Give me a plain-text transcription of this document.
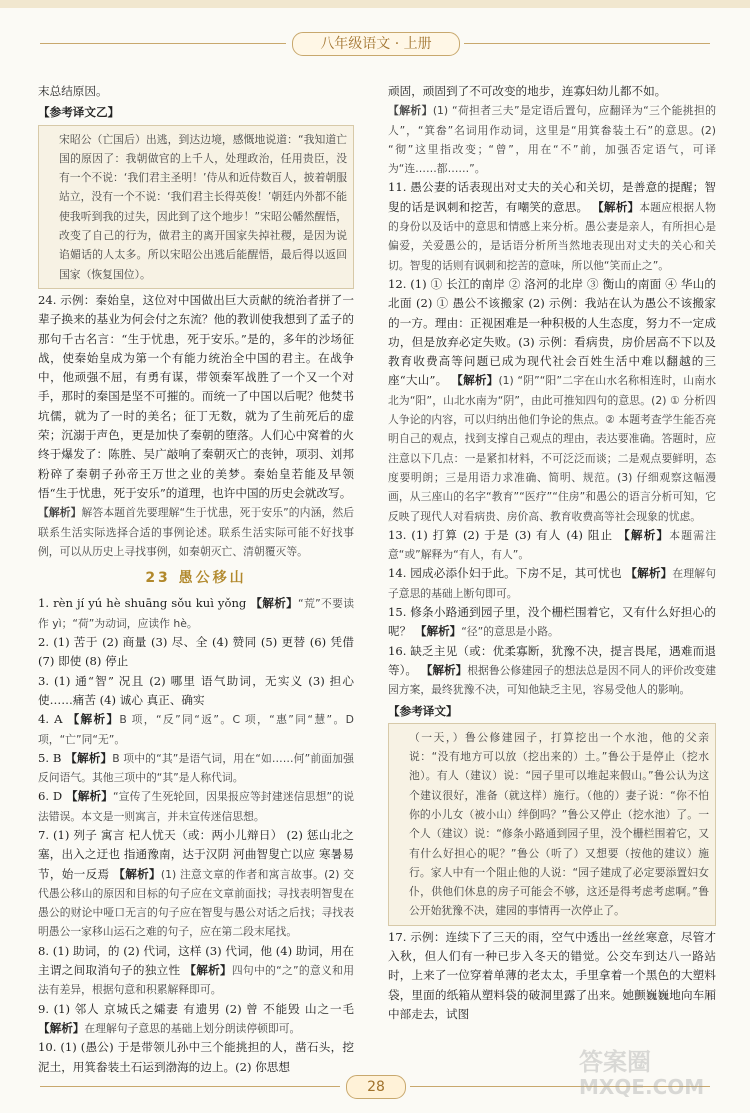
八年级语文 · 上册

末总结原因。

【参考译文乙】

宋昭公（亡国后）出逃，到达边境，感慨地说道：“我知道亡国的原因了：我朝做官的上千人，处理政治，任用贵臣，没有一个不说：‘我们君主圣明！’侍从和近侍数百人，披着朝服站立，没有一个不说：‘我们君主长得英俊！’朝廷内外都不能使我听到我的过失，因此到了这个地步！”宋昭公幡然醒悟，改变了自己的行为，做君主的离开国家失掉社稷，是因为说谄媚话的人太多。所以宋昭公出逃后能醒悟，最后得以返回国家（恢复国位）。

24. 示例：秦始皇，这位对中国做出巨大贡献的统治者拼了一辈子换来的基业为何会付之东流？他的教训使我想到了孟子的那句千古名言：“生于忧患，死于安乐。”是的，多年的沙场征战，使秦始皇成为第一个有能力统治全中国的君主。在战争中，他顽强不屈，有勇有谋，带领秦军战胜了一个又一个对手，那时的秦国是坚不可摧的。而统一了中国以后呢？他焚书坑儒，就为了一时的美名；征丁无数，就为了生前死后的虚荣；沉溺于声色，更是加快了秦朝的堕落。人们心中窝着的火终于爆发了：陈胜、吴广敲响了秦朝灭亡的丧钟，项羽、刘邦粉碎了秦朝子孙帝王万世之业的美梦。秦始皇若能及早领悟“生于忧患，死于安乐”的道理，也许中国的历史会就改写。

【解析】解答本题首先要理解“生于忧患，死于安乐”的内涵，然后联系生活实际选择合适的事例论述。联系生活实际可能不好找事例，可以从历史上寻找事例，如秦朝灭亡、清朝覆灭等。

23 愚公移山

1. rèn jí yú hè shuāng sǒu kuì yǒng 【解析】“荒”不要读作 yì；“荷”为动词，应读作 hè。

2. (1) 苦于 (2) 商量 (3) 尽、全 (4) 赞同 (5) 更替 (6) 凭借 (7) 即使 (8) 停止

3. (1) 通“智” 况且 (2) 哪里 语气助词，无实义 (3) 担心 使……痛苦 (4) 诚心 真正、确实

4. A 【解析】B 项，“反”同“返”。C 项，“惠”同“慧”。D 项，“亡”同“无”。

5. B 【解析】B 项中的“其”是语气词，用在“如……何”前面加强反问语气。其他三项中的“其”是人称代词。

6. D 【解析】“宣传了生死轮回，因果报应等封建迷信思想”的说法错误。本文是一则寓言，并未宣传迷信思想。

7. (1) 列子 寓言 杞人忧天（或：两小儿辩日） (2) 惩山北之塞，出入之迂也 指通豫南，达于汉阴 河曲智叟亡以应 寒暑易节，始一反焉 【解析】(1) 注意文章的作者和寓言故事。(2) 交代愚公移山的原因和目标的句子应在文章前面找；寻找表明智叟在愚公的财论中哑口无言的句子应在智叟与愚公对话之后找；寻找表明愚公一家移山运石之难的句子，应在第二段末尾找。

8. (1) 助词，的 (2) 代词，这样 (3) 代词，他 (4) 助词，用在主谓之间取消句子的独立性 【解析】四句中的“之”的意义和用法有差异，根据句意和积累解释即可。

9. (1) 邻人 京城氏之孀妻 有遗男 (2) 曾 不能毁 山之一毛 【解析】在理解句子意思的基础上划分朗读停顿即可。

10. (1) (愚公) 于是带领儿孙中三个能挑担的人，凿石头，挖泥土，用箕畚装土石运到渤海的边上。(2) 你思想

顽固，顽固到了不可改变的地步，连寡妇幼儿都不如。

【解析】(1) “荷担者三夫”是定语后置句，应翻译为“三个能挑担的人”，“箕畚”名词用作动词，这里是“用箕畚装土石”的意思。(2) “彻”这里指改变；“曾”，用在“不”前，加强否定语气，可译为“连……都……”。

11. 愚公妻的话表现出对丈夫的关心和关切，是善意的提醒；智叟的话是讽刺和挖苦，有嘲笑的意思。 【解析】本题应根据人物的身份以及话中的意思和情感上来分析。愚公妻是亲人，有所担心是偏爱，关爱愚公的，是话语分析所当然地表现出对丈夫的关心和关切。智叟的话则有讽刺和挖苦的意味，所以他“笑而止之”。

12. (1) ① 长江的南岸 ② 洛河的北岸 ③ 衡山的南面 ④ 华山的北面 (2) ① 愚公不该搬家 (2) 示例：我站在认为愚公不该搬家的一方。理由：正视困难是一种积极的人生态度，努力不一定成功，但是放弃必定失败。(3) 示例：看病贵，房价居高不下以及教育收费高等问题已成为现代社会百姓生活中难以翻越的三座“大山”。 【解析】(1) “阴”“阳”二字在山水名称相连时，山南水北为“阳”，山北水南为“阴”，由此可推知四句的意思。(2) ① 分析四人争论的内容，可以归纳出他们争论的焦点。② 本题考查学生能否亮明自己的观点，找到支撑自己观点的理由，表达要准确。答题时，应注意以下几点：一是紧扣材料，不可泛泛而谈；二是观点要鲜明，态度要明朗；三是用语力求准确、简明、规范。(3) 仔细观察这幅漫画，从三座山的名字“教育”“医疗”“住房”和愚公的语言分析可知，它反映了现代人对看病贵、房价高、教育收费高等社会现象的忧虑。

13. (1) 打算 (2) 于是 (3) 有人 (4) 阻止 【解析】本题需注意“或”解释为“有人，有人”。

14. 园成必添仆妇于此。下房不足，其可忧也 【解析】在理解句子意思的基础上断句即可。

15. 修条小路通到园子里，没个栅栏围着它，又有什么好担心的呢？ 【解析】“径”的意思是小路。

16. 缺乏主见（或：优柔寡断，犹豫不决，提言畏尾，遇难而退等）。 【解析】根据鲁公修建园子的想法总是因不同人的评价改变建园方案，最终犹豫不决，可知他缺乏主见，容易受他人的影响。

【参考译文】

（一天，）鲁公修建园子，打算挖出一个水池，他的父亲说：“没有地方可以放（挖出来的）土。”鲁公于是停止（挖水池）。有人（建议）说：“园子里可以堆起来假山。”鲁公认为这个建议很好，准备（就这样）施行。（他的）妻子说：“你不怕你的小儿女（被小山）绊倒吗？”鲁公又停止（挖水池）了。一个人（建议）说：“修条小路通到园子里，没个栅栏围着它，又有什么好担心的呢？”鲁公（听了）又想要（按他的建议）施行。家人中有一个阻止他的人说：“园子建成了必定要添置妇女仆，供他们休息的房子可能会不够，这还是得考虑考虑啊。”鲁公开始犹豫不决，建园的事情再一次停止了。

17. 示例：连续下了三天的雨，空气中透出一丝丝寒意，尽管才入秋，但人们有一种已步入冬天的错觉。公交车到达八一路站时，上来了一位穿着单薄的老太太，手里拿着一个黑色的大塑料袋，里面的纸箱从塑料袋的破洞里露了出来。她颤巍巍地向车厢中部走去，试图

28
答案圈
MXQE.COM
